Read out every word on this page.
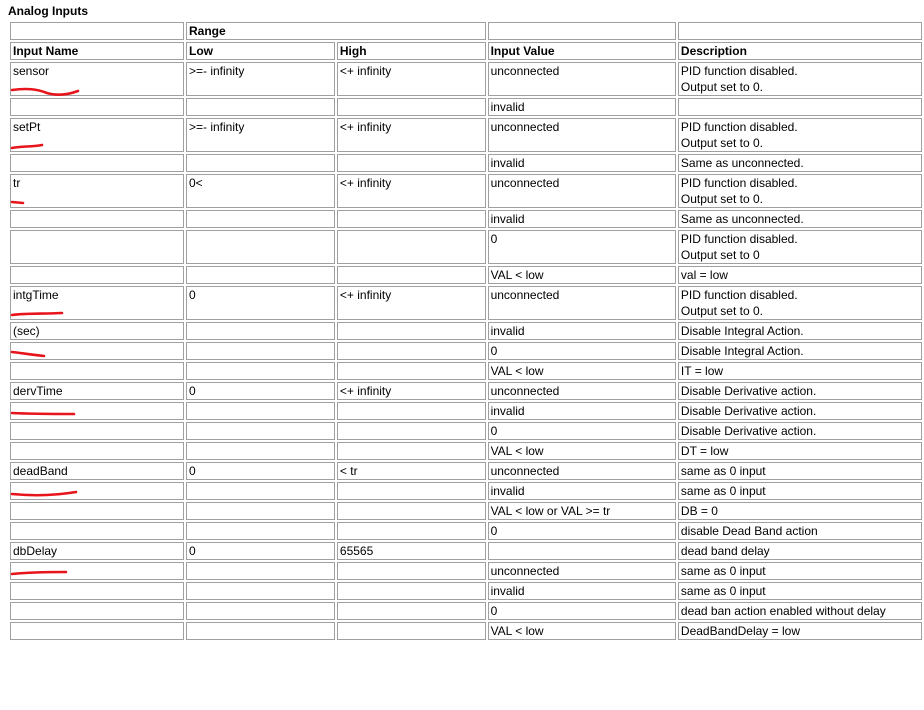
Analog Inputs
	Range			
Input Name	Low	High	Input Value	Description
sensor	>=- infinity	<+ infinity	unconnected	PID function disabled.
Output set to 0.
			invalid	
setPt	>=- infinity	<+ infinity	unconnected	PID function disabled.
Output set to 0.
			invalid	Same as unconnected.
tr	0<	<+ infinity	unconnected	PID function disabled.
Output set to 0.
			invalid	Same as unconnected.
			0	PID function disabled.
Output set to 0
			VAL < low	val = low
intgTime	0	<+ infinity	unconnected	PID function disabled.
Output set to 0.
(sec)			invalid	Disable Integral Action.
			0	Disable Integral Action.
			VAL < low	IT = low
dervTime	0	<+ infinity	unconnected	Disable Derivative action.
			invalid	Disable Derivative action.
			0	Disable Derivative action.
			VAL < low	DT = low
deadBand	0	< tr	unconnected	same as 0 input
			invalid	same as 0 input
			VAL < low or VAL >= tr	DB = 0
			0	disable Dead Band action
dbDelay	0	65565		dead band delay
			unconnected	same as 0 input
			invalid	same as 0 input
			0	dead ban action enabled without delay
			VAL < low	DeadBandDelay = low
